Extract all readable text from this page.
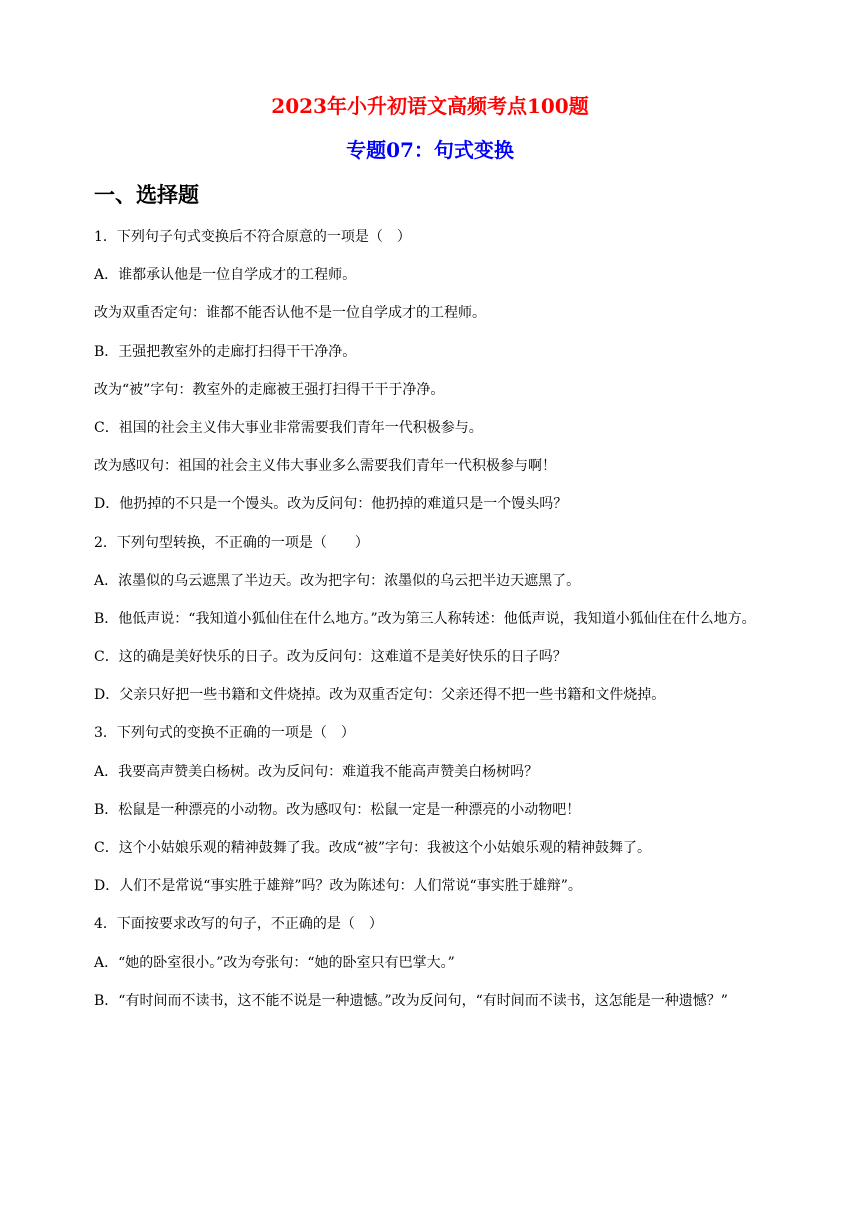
2023年小升初语文高频考点100题
专题07：句式变换
一、选择题
1．下列句子句式变换后不符合原意的一项是（　）
A．谁都承认他是一位自学成才的工程师。
改为双重否定句：谁都不能否认他不是一位自学成才的工程师。
B．王强把教室外的走廊打扫得干干净净。
改为“被”字句：教室外的走廊被王强打扫得干干于净净。
C．祖国的社会主义伟大事业非常需要我们青年一代积极参与。
改为感叹句：祖国的社会主义伟大事业多么需要我们青年一代积极参与啊！
D．他扔掉的不只是一个馒头。改为反问句：他扔掉的难道只是一个馒头吗？
2．下列句型转换，不正确的一项是（　　）
A．浓墨似的乌云遮黑了半边天。改为把字句：浓墨似的乌云把半边天遮黑了。
B．他低声说：“我知道小狐仙住在什么地方。”改为第三人称转述：他低声说，我知道小狐仙住在什么地方。
C．这的确是美好快乐的日子。改为反问句：这难道不是美好快乐的日子吗？
D．父亲只好把一些书籍和文件烧掉。改为双重否定句：父亲还得不把一些书籍和文件烧掉。
3．下列句式的变换不正确的一项是（　）
A．我要高声赞美白杨树。改为反问句：难道我不能高声赞美白杨树吗？
B．松鼠是一种漂亮的小动物。改为感叹句：松鼠一定是一种漂亮的小动物吧！
C．这个小姑娘乐观的精神鼓舞了我。改成“被”字句：我被这个小姑娘乐观的精神鼓舞了。
D．人们不是常说“事实胜于雄辩”吗？改为陈述句：人们常说“事实胜于雄辩”。
4．下面按要求改写的句子，不正确的是（　）
A．“她的卧室很小。”改为夸张句：“她的卧室只有巴掌大。”
B．“有时间而不读书，这不能不说是一种遗憾。”改为反问句，“有时间而不读书，这怎能是一种遗憾？”
